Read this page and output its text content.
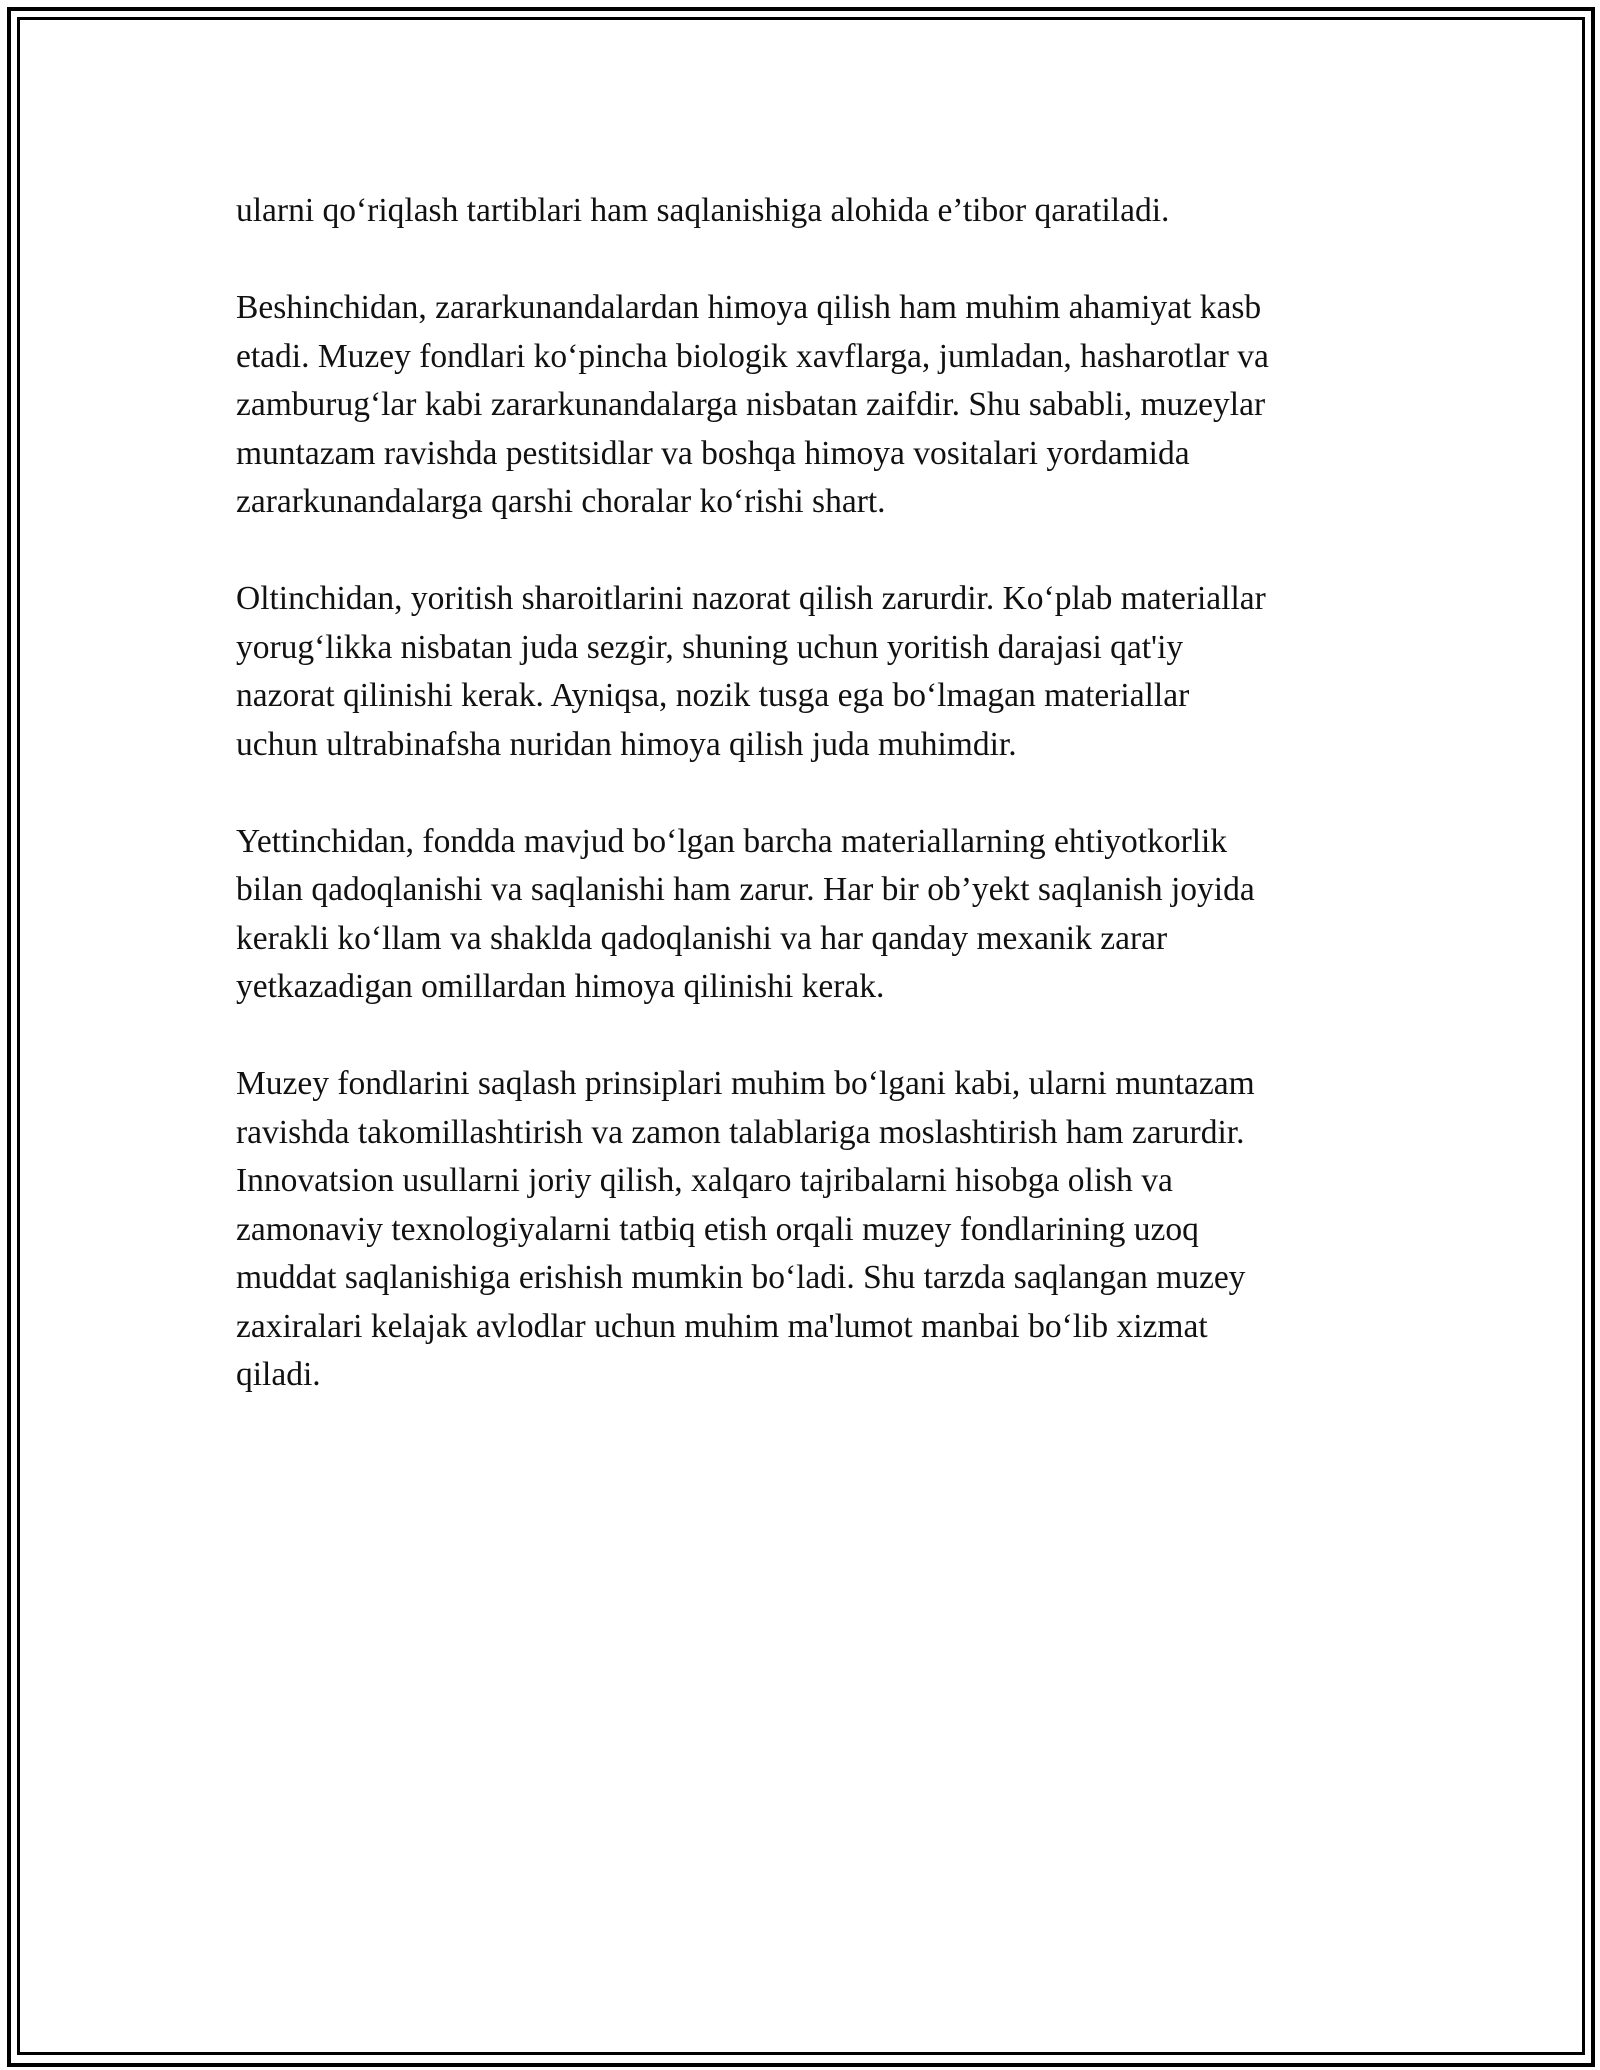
ularni qo‘riqlash tartiblari ham saqlanishiga alohida e’tibor qaratiladi.

Beshinchidan, zararkunandalardan himoya qilish ham muhim ahamiyat kasb
etadi. Muzey fondlari ko‘pincha biologik xavflarga, jumladan, hasharotlar va
zamburug‘lar kabi zararkunandalarga nisbatan zaifdir. Shu sababli, muzeylar
muntazam ravishda pestitsidlar va boshqa himoya vositalari yordamida
zararkunandalarga qarshi choralar ko‘rishi shart.

Oltinchidan, yoritish sharoitlarini nazorat qilish zarurdir. Ko‘plab materiallar
yorug‘likka nisbatan juda sezgir, shuning uchun yoritish darajasi qat'iy
nazorat qilinishi kerak. Ayniqsa, nozik tusga ega bo‘lmagan materiallar
uchun ultrabinafsha nuridan himoya qilish juda muhimdir.

Yettinchidan, fondda mavjud bo‘lgan barcha materiallarning ehtiyotkorlik
bilan qadoqlanishi va saqlanishi ham zarur. Har bir ob’yekt saqlanish joyida
kerakli ko‘llam va shaklda qadoqlanishi va har qanday mexanik zarar
yetkazadigan omillardan himoya qilinishi kerak.

Muzey fondlarini saqlash prinsiplari muhim bo‘lgani kabi, ularni muntazam
ravishda takomillashtirish va zamon talablariga moslashtirish ham zarurdir.
Innovatsion usullarni joriy qilish, xalqaro tajribalarni hisobga olish va
zamonaviy texnologiyalarni tatbiq etish orqali muzey fondlarining uzoq
muddat saqlanishiga erishish mumkin bo‘ladi. Shu tarzda saqlangan muzey
zaxiralari kelajak avlodlar uchun muhim ma'lumot manbai bo‘lib xizmat
qiladi.
